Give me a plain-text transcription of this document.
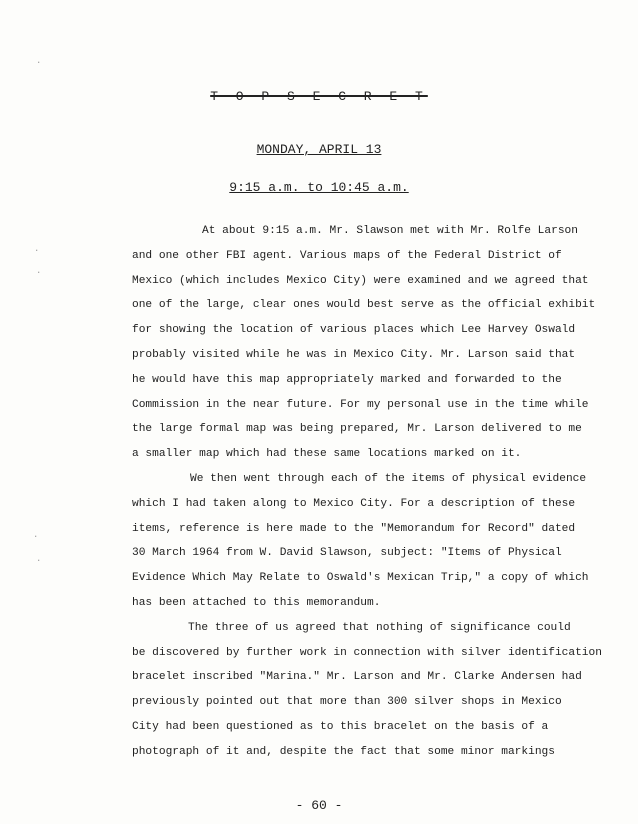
T O P S E C R E T
MONDAY, APRIL 13
9:15 a.m. to 10:45 a.m.
At about 9:15 a.m. Mr. Slawson met with Mr. Rolfe Larson
and one other FBI agent. Various maps of the Federal District of
Mexico (which includes Mexico City) were examined and we agreed that
one of the large, clear ones would best serve as the official exhibit
for showing the location of various places which Lee Harvey Oswald
probably visited while he was in Mexico City. Mr. Larson said that
he would have this map appropriately marked and forwarded to the
Commission in the near future. For my personal use in the time while
the large formal map was being prepared, Mr. Larson delivered to me
a smaller map which had these same locations marked on it.
We then went through each of the items of physical evidence
which I had taken along to Mexico City. For a description of these
items, reference is here made to the "Memorandum for Record" dated
30 March 1964 from W. David Slawson, subject: "Items of Physical
Evidence Which May Relate to Oswald's Mexican Trip," a copy of which
has been attached to this memorandum.
The three of us agreed that nothing of significance could
be discovered by further work in connection with silver identification
bracelet inscribed "Marina." Mr. Larson and Mr. Clarke Andersen had
previously pointed out that more than 300 silver shops in Mexico
City had been questioned as to this bracelet on the basis of a
photograph of it and, despite the fact that some minor markings
- 60 -
·
·
·
·
·
